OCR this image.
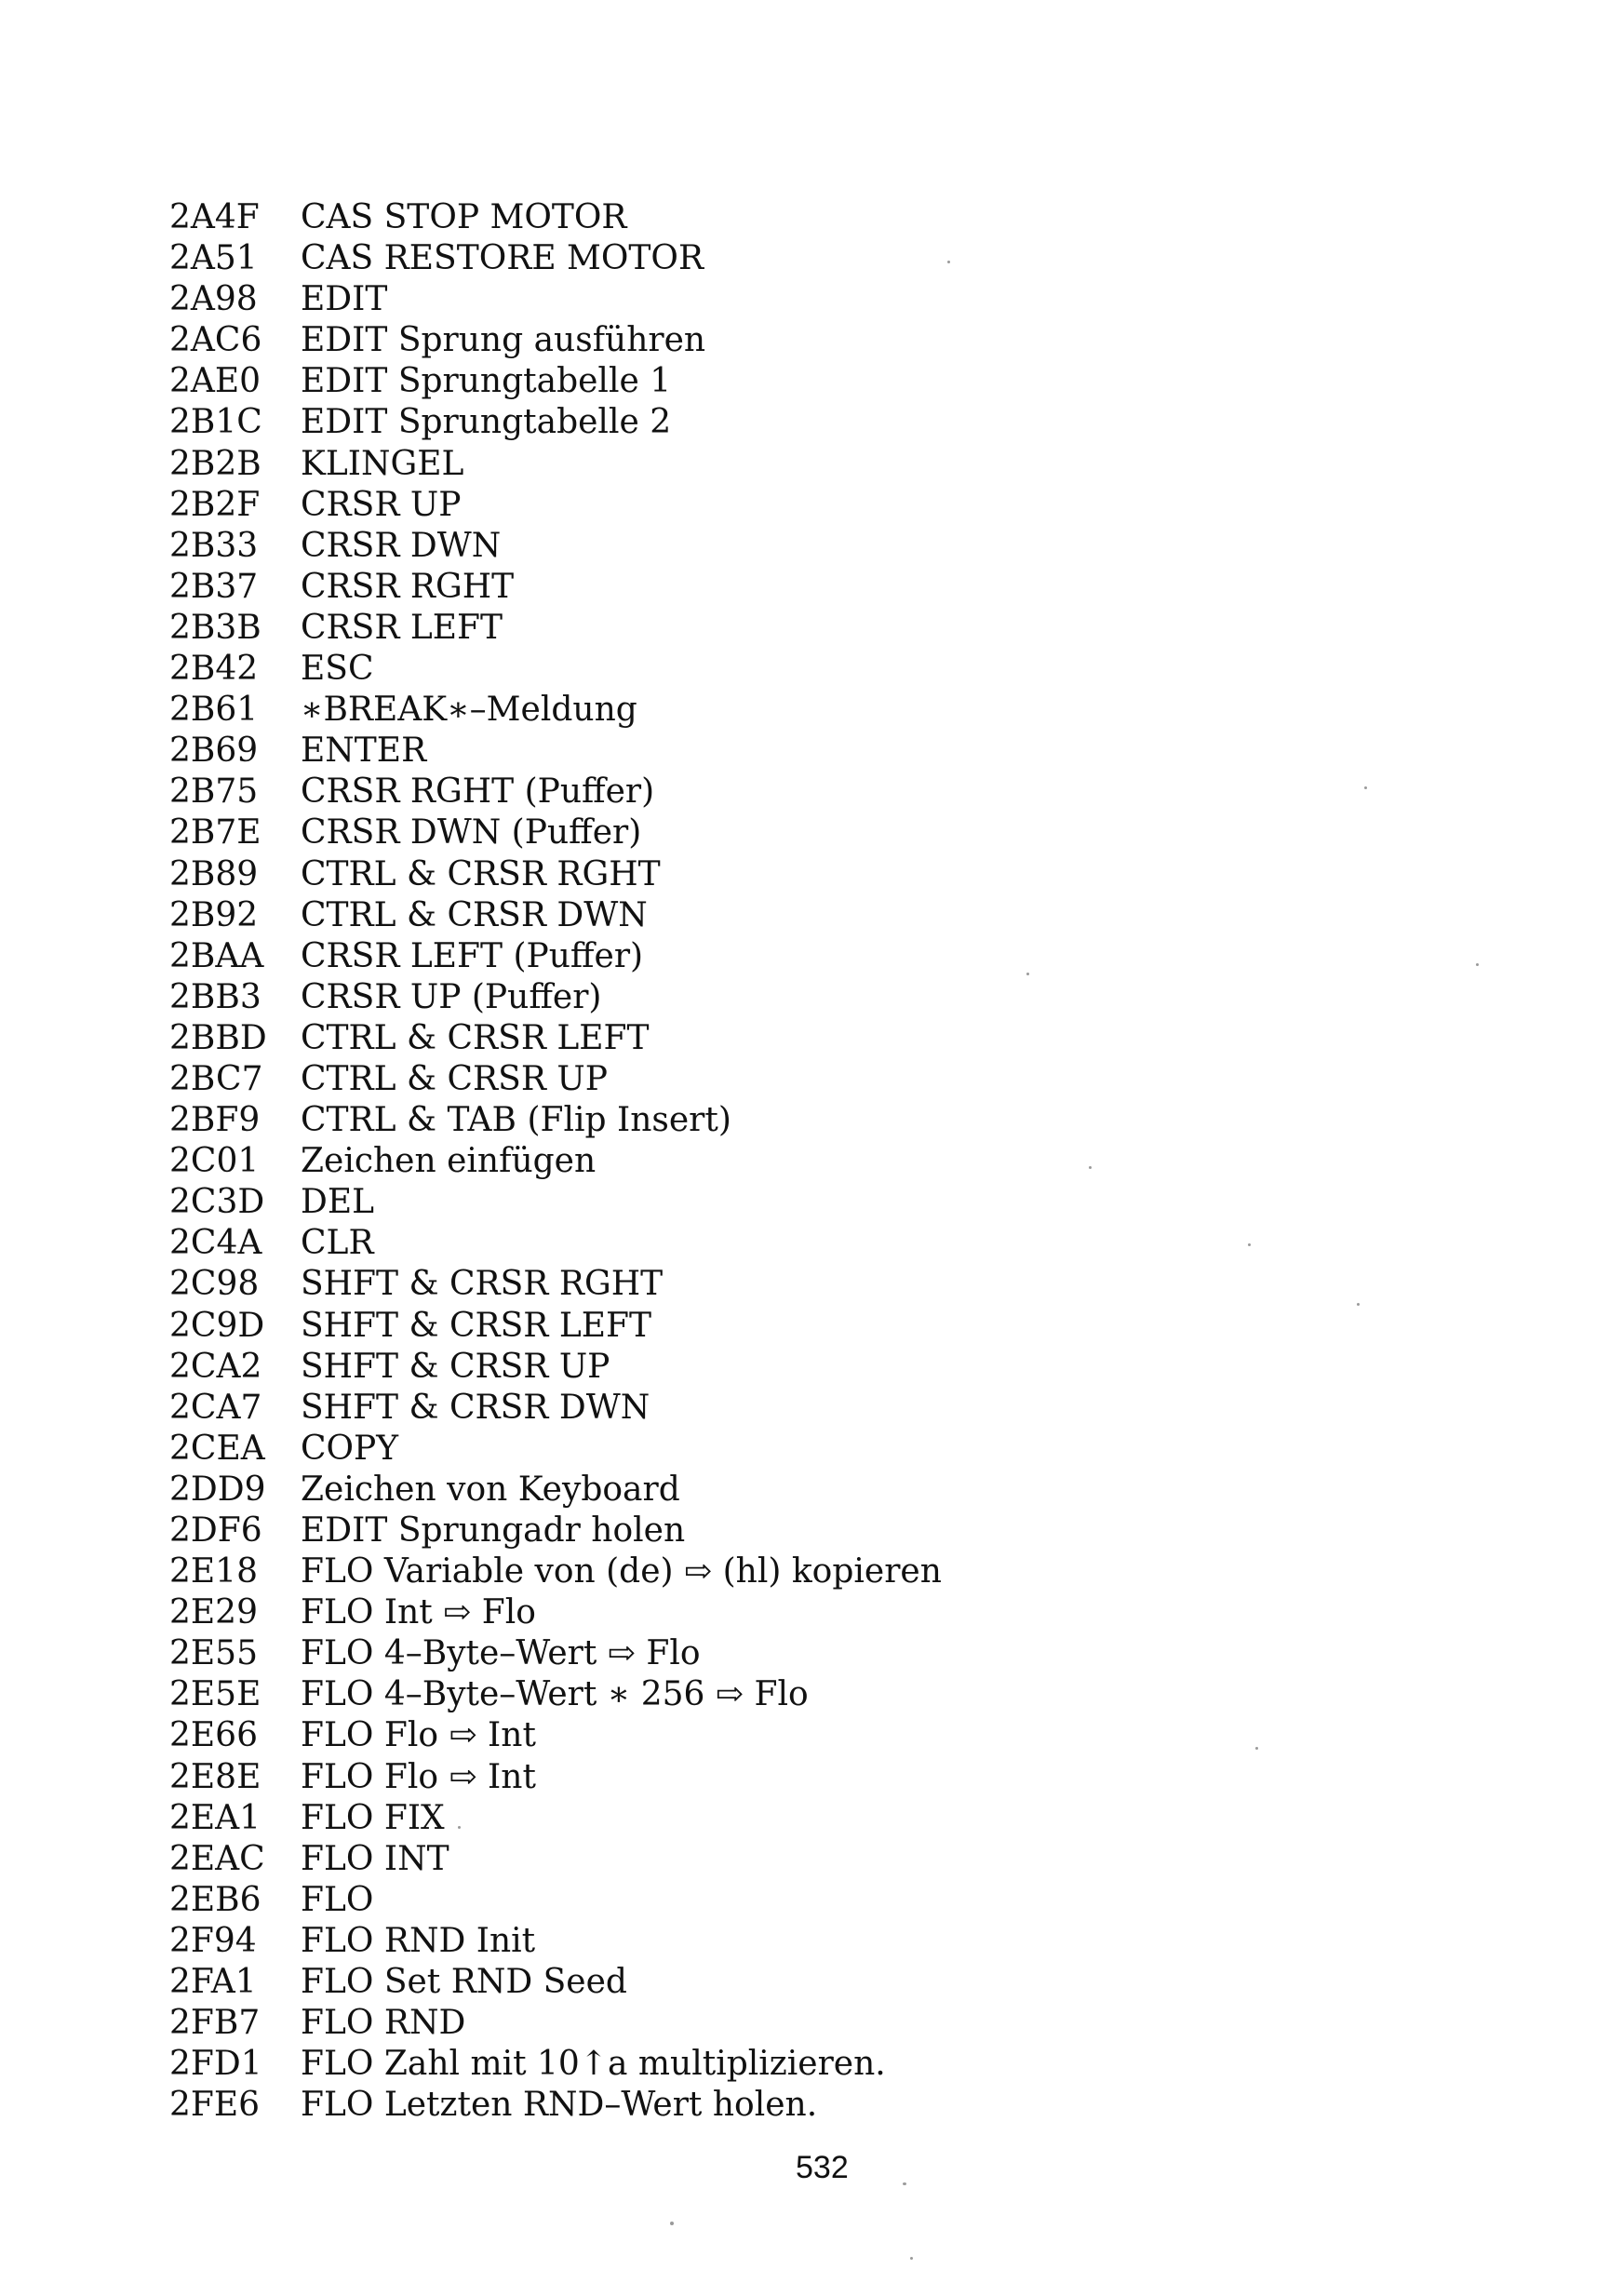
2A4F	CAS STOP MOTOR
2A51	CAS RESTORE MOTOR
2A98	EDIT
2AC6	EDIT Sprung ausführen
2AE0	EDIT Sprungtabelle 1
2B1C	EDIT Sprungtabelle 2
2B2B	KLINGEL
2B2F	CRSR UP
2B33	CRSR DWN
2B37	CRSR RGHT
2B3B	CRSR LEFT
2B42	ESC
2B61	∗BREAK∗–Meldung
2B69	ENTER
2B75	CRSR RGHT (Puffer)
2B7E	CRSR DWN (Puffer)
2B89	CTRL & CRSR RGHT
2B92	CTRL & CRSR DWN
2BAA	CRSR LEFT (Puffer)
2BB3	CRSR UP (Puffer)
2BBD	CTRL & CRSR LEFT
2BC7	CTRL & CRSR UP
2BF9	CTRL & TAB (Flip Insert)
2C01	Zeichen einfügen
2C3D	DEL
2C4A	CLR
2C98	SHFT & CRSR RGHT
2C9D	SHFT & CRSR LEFT
2CA2	SHFT & CRSR UP
2CA7	SHFT & CRSR DWN
2CEA	COPY
2DD9	Zeichen von Keyboard
2DF6	EDIT Sprungadr holen
2E18	FLO Variable von (de) ⇨ (hl) kopieren
2E29	FLO Int ⇨ Flo
2E55	FLO 4–Byte–Wert ⇨ Flo
2E5E	FLO 4–Byte–Wert ∗ 256 ⇨ Flo
2E66	FLO Flo ⇨ Int
2E8E	FLO Flo ⇨ Int
2EA1	FLO FIX
2EAC	FLO INT
2EB6	FLO
2F94	FLO RND Init
2FA1	FLO Set RND Seed
2FB7	FLO RND
2FD1	FLO Zahl mit 10↑a multiplizieren.
2FE6	FLO Letzten RND–Wert holen.
532
